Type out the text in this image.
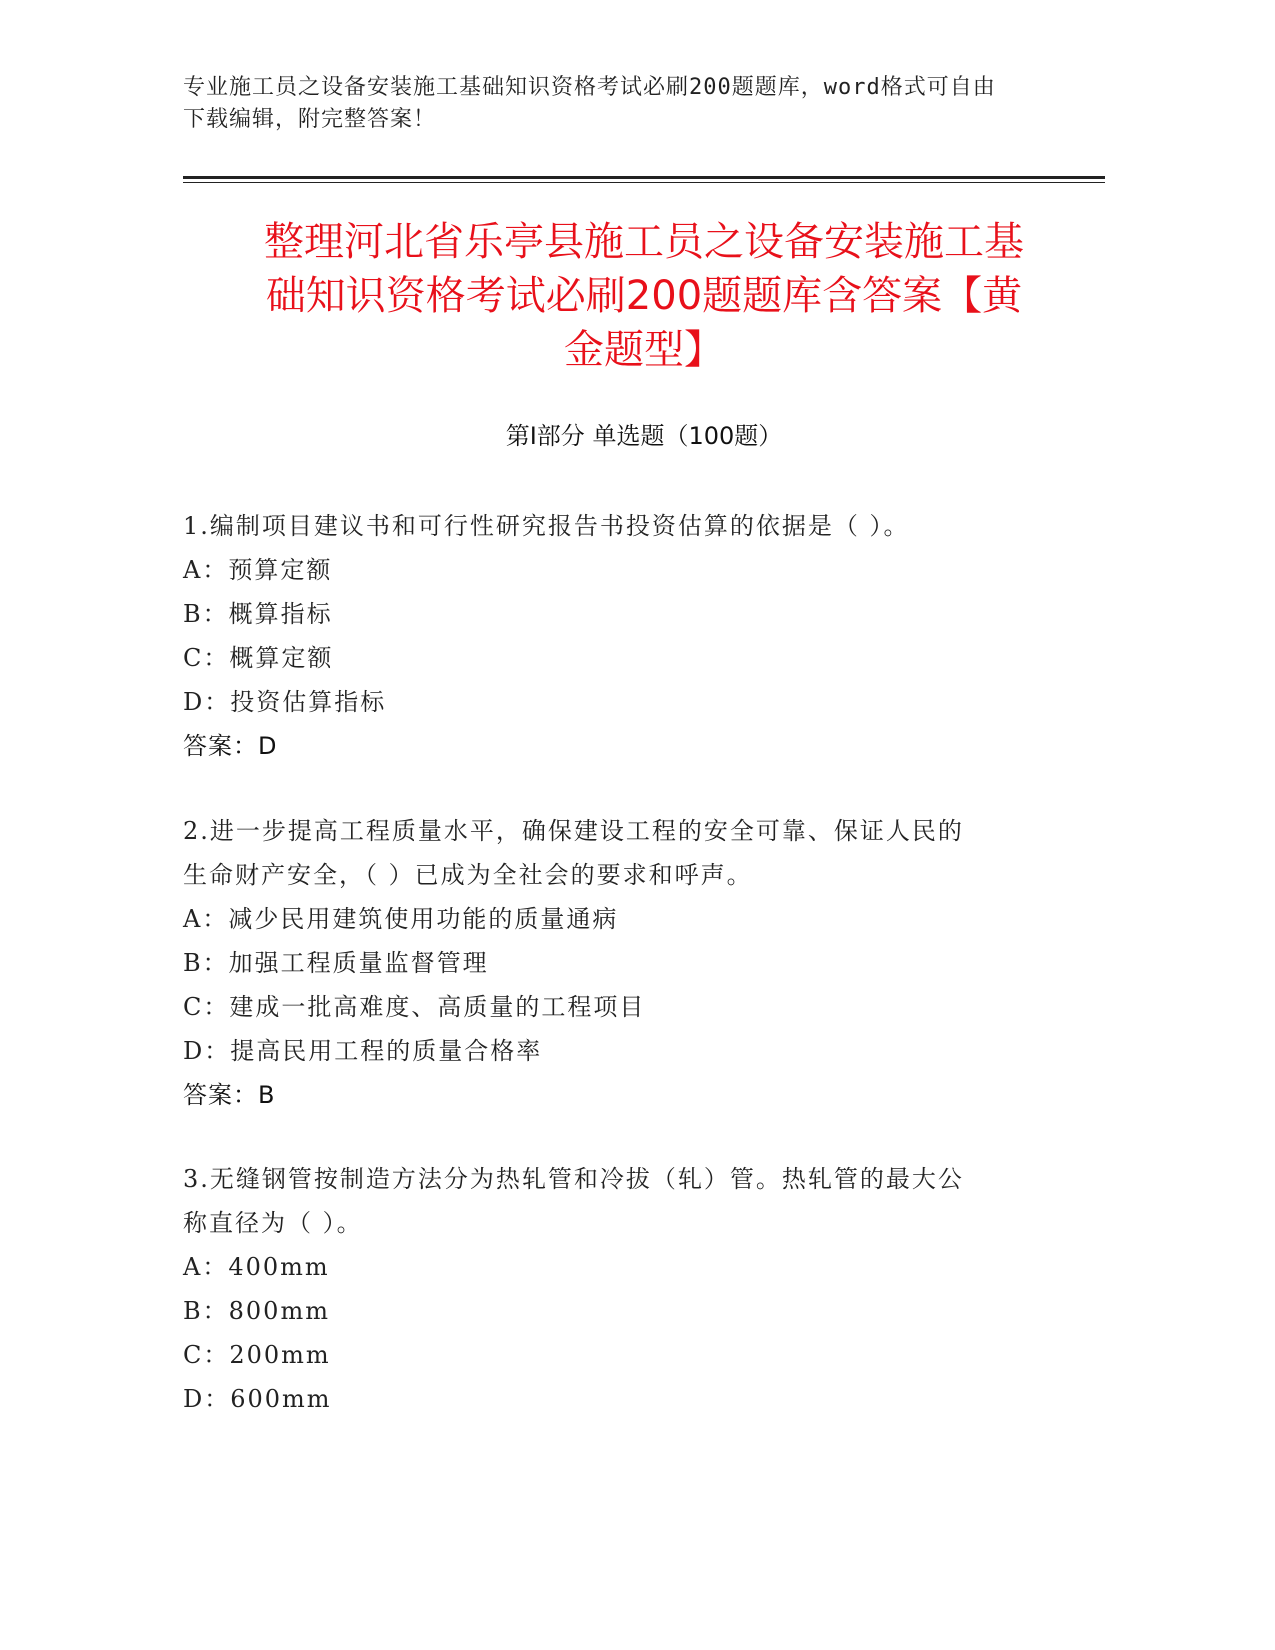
专业施工员之设备安装施工基础知识资格考试必刷200题题库，word格式可自由
下载编辑，附完整答案！
整理河北省乐亭县施工员之设备安装施工基
础知识资格考试必刷200题题库含答案【黄
金题型】
第Ⅰ部分 单选题（100题）
1.编制项目建议书和可行性研究报告书投资估算的依据是（ ）。
A：预算定额
B：概算指标
C：概算定额
D：投资估算指标
答案：D
2.进一步提高工程质量水平，确保建设工程的安全可靠、保证人民的
生命财产安全，（ ）已成为全社会的要求和呼声。
A：减少民用建筑使用功能的质量通病
B：加强工程质量监督管理
C：建成一批高难度、高质量的工程项目
D：提高民用工程的质量合格率
答案：B
3.无缝钢管按制造方法分为热轧管和冷拔（轧）管。热轧管的最大公
称直径为（ ）。
A：400mm
B：800mm
C：200mm
D：600mm
